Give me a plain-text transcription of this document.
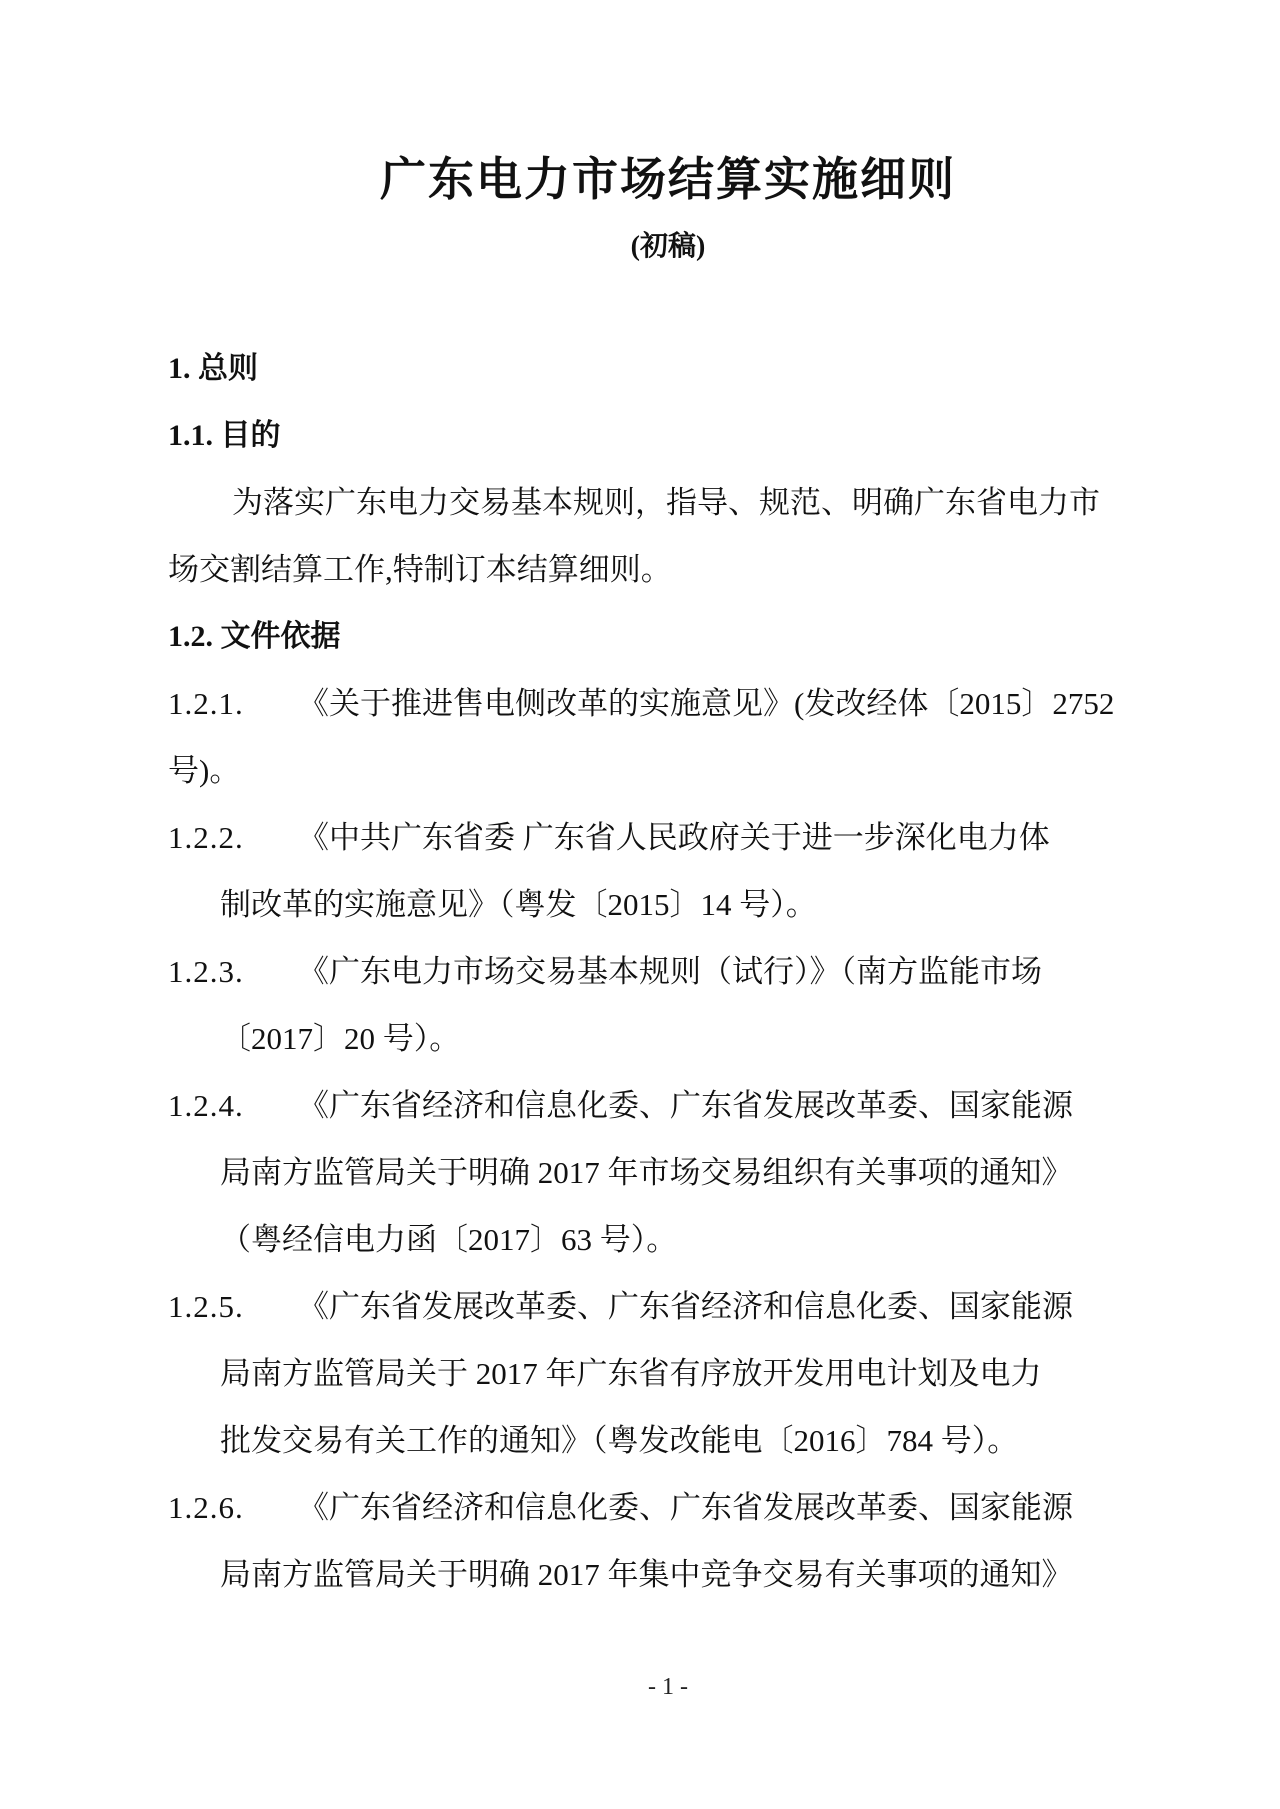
广东电力市场结算实施细则
(初稿)
1. 总则
1.1. 目的
为落实广东电力交易基本规则，指导、规范、明确广东省电力市
场交割结算工作,特制订本结算细则。
1.2. 文件依据
1.2.1. 《关于推进售电侧改革的实施意见》(发改经体〔2015〕2752
号)。
1.2.2. 《中共广东省委 广东省人民政府关于进一步深化电力体
制改革的实施意见》（粤发〔2015〕14 号）。
1.2.3. 《广东电力市场交易基本规则（试行）》（南方监能市场
〔2017〕20 号）。
1.2.4. 《广东省经济和信息化委、广东省发展改革委、国家能源
局南方监管局关于明确 2017 年市场交易组织有关事项的通知》
（粤经信电力函〔2017〕63 号）。
1.2.5. 《广东省发展改革委、广东省经济和信息化委、国家能源
局南方监管局关于 2017 年广东省有序放开发用电计划及电力
批发交易有关工作的通知》（粤发改能电〔2016〕784 号）。
1.2.6. 《广东省经济和信息化委、广东省发展改革委、国家能源
局南方监管局关于明确 2017 年集中竞争交易有关事项的通知》
- 1 -
